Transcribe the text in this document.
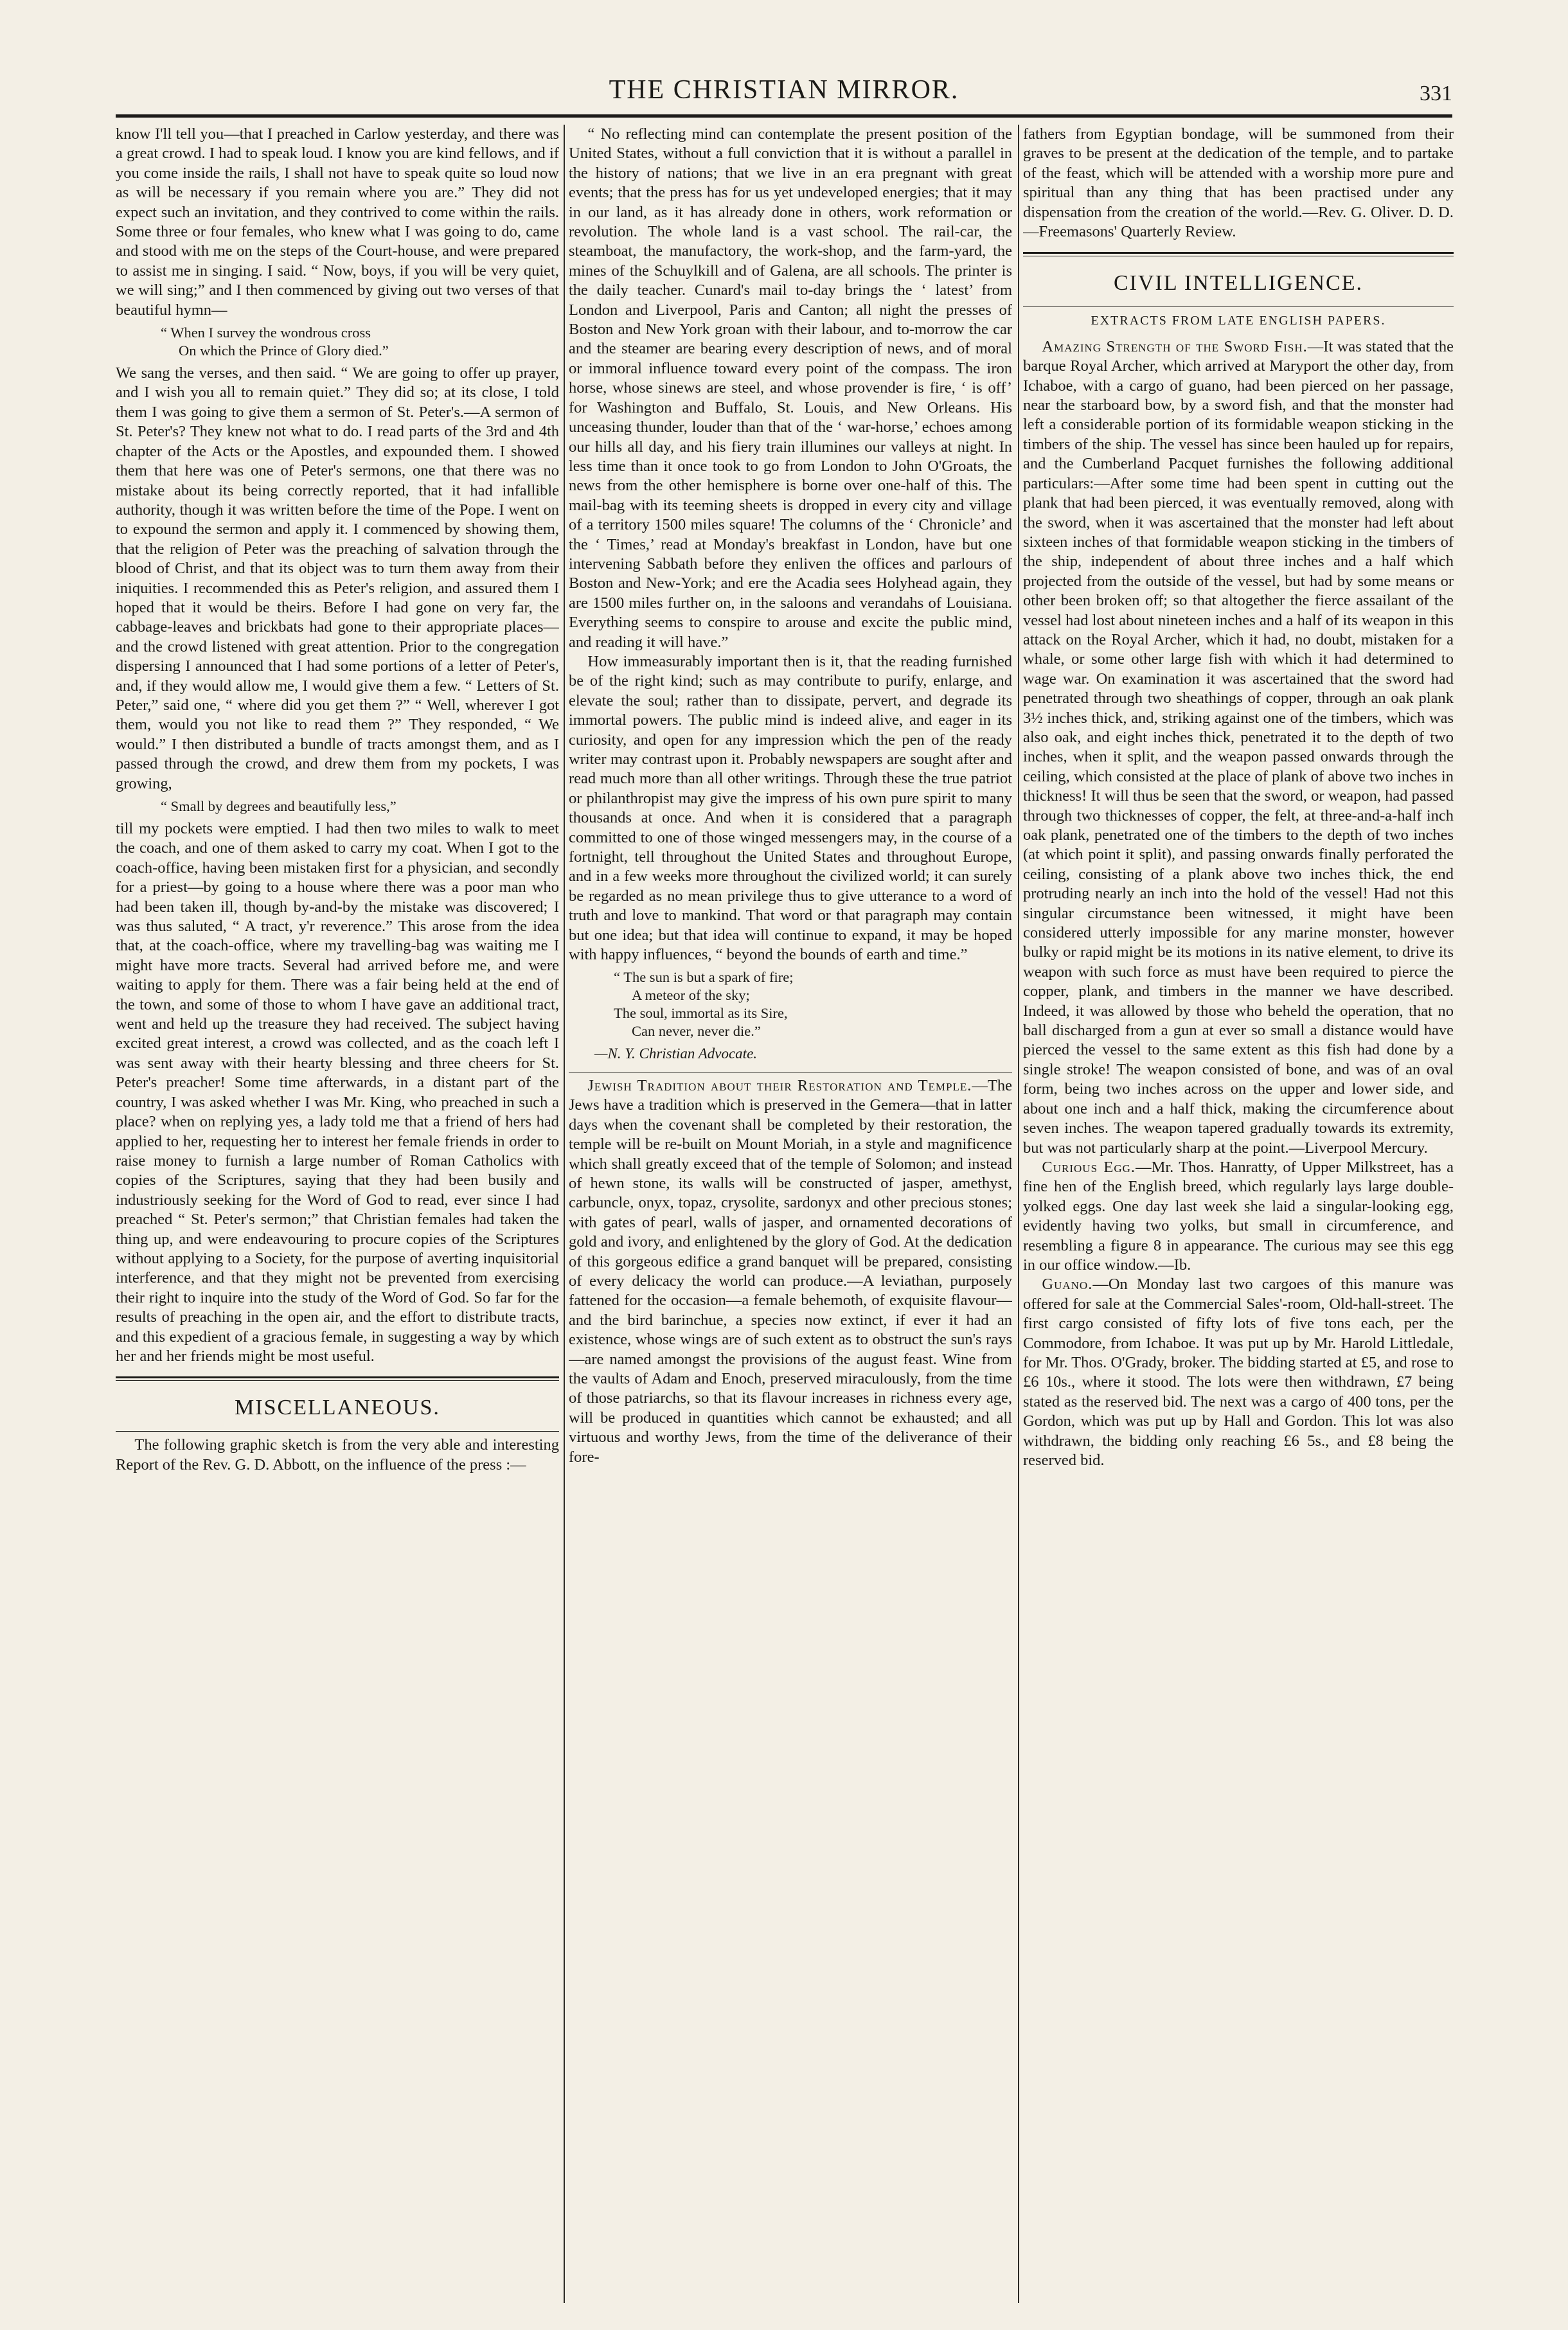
THE CHRISTIAN MIRROR.	331

know I'll tell you—that I preached in Carlow yesterday, and there was a great crowd. I had to speak loud. I know you are kind fellows, and if you come inside the rails, I shall not have to speak quite so loud now as will be necessary if you remain where you are.” They did not expect such an invitation, and they contrived to come within the rails. Some three or four females, who knew what I was going to do, came and stood with me on the steps of the Court-house, and were prepared to assist me in singing. I said. “ Now, boys, if you will be very quiet, we will sing;” and I then commenced by giving out two verses of that beautiful hymn—

“ When I survey the wondrous cross
On which the Prince of Glory died.”

We sang the verses, and then said. “ We are going to offer up prayer, and I wish you all to remain quiet.” They did so; at its close, I told them I was going to give them a sermon of St. Peter's.—A sermon of St. Peter's? They knew not what to do. I read parts of the 3rd and 4th chapter of the Acts or the Apostles, and expounded them. I showed them that here was one of Peter's sermons, one that there was no mistake about its being correctly reported, that it had infallible authority, though it was written before the time of the Pope. I went on to expound the sermon and apply it. I commenced by showing them, that the religion of Peter was the preaching of salvation through the blood of Christ, and that its object was to turn them away from their iniquities. I recommended this as Peter's religion, and assured them I hoped that it would be theirs. Before I had gone on very far, the cabbage-leaves and brickbats had gone to their appropriate places—and the crowd listened with great attention. Prior to the congregation dispersing I announced that I had some portions of a letter of Peter's, and, if they would allow me, I would give them a few. “ Letters of St. Peter,” said one, “ where did you get them ?” “ Well, wherever I got them, would you not like to read them ?” They responded, “ We would.” I then distributed a bundle of tracts amongst them, and as I passed through the crowd, and drew them from my pockets, I was growing,

“ Small by degrees and beautifully less,”

till my pockets were emptied. I had then two miles to walk to meet the coach, and one of them asked to carry my coat. When I got to the coach-office, having been mistaken first for a physician, and secondly for a priest—by going to a house where there was a poor man who had been taken ill, though by-and-by the mistake was discovered; I was thus saluted, “ A tract, y'r reverence.” This arose from the idea that, at the coach-office, where my travelling-bag was waiting me I might have more tracts. Several had arrived before me, and were waiting to apply for them. There was a fair being held at the end of the town, and some of those to whom I have gave an additional tract, went and held up the treasure they had received. The subject having excited great interest, a crowd was collected, and as the coach left I was sent away with their hearty blessing and three cheers for St. Peter's preacher! Some time afterwards, in a distant part of the country, I was asked whether I was Mr. King, who preached in such a place? when on replying yes, a lady told me that a friend of hers had applied to her, requesting her to interest her female friends in order to raise money to furnish a large number of Roman Catholics with copies of the Scriptures, saying that they had been busily and industriously seeking for the Word of God to read, ever since I had preached “ St. Peter's sermon;” that Christian females had taken the thing up, and were endeavouring to procure copies of the Scriptures without applying to a Society, for the purpose of averting inquisitorial interference, and that they might not be prevented from exercising their right to inquire into the study of the Word of God. So far for the results of preaching in the open air, and the effort to distribute tracts, and this expedient of a gracious female, in suggesting a way by which her and her friends might be most useful.

MISCELLANEOUS.

The following graphic sketch is from the very able and interesting Report of the Rev. G. D. Abbott, on the influence of the press :—

“ No reflecting mind can contemplate the present position of the United States, without a full conviction that it is without a parallel in the history of nations; that we live in an era pregnant with great events; that the press has for us yet undeveloped energies; that it may in our land, as it has already done in others, work reformation or revolution. The whole land is a vast school. The rail-car, the steamboat, the manufactory, the work-shop, and the farm-yard, the mines of the Schuylkill and of Galena, are all schools. The printer is the daily teacher. Cunard's mail to-day brings the ‘ latest’ from London and Liverpool, Paris and Canton; all night the presses of Boston and New York groan with their labour, and to-morrow the car and the steamer are bearing every description of news, and of moral or immoral influence toward every point of the compass. The iron horse, whose sinews are steel, and whose provender is fire, ‘ is off’ for Washington and Buffalo, St. Louis, and New Orleans. His unceasing thunder, louder than that of the ‘ war-horse,’ echoes among our hills all day, and his fiery train illumines our valleys at night. In less time than it once took to go from London to John O'Groats, the news from the other hemisphere is borne over one-half of this. The mail-bag with its teeming sheets is dropped in every city and village of a territory 1500 miles square! The columns of the ‘ Chronicle’ and the ‘ Times,’ read at Monday's breakfast in London, have but one intervening Sabbath before they enliven the offices and parlours of Boston and New-York; and ere the Acadia sees Holyhead again, they are 1500 miles further on, in the saloons and verandahs of Louisiana. Everything seems to conspire to arouse and excite the public mind, and reading it will have.”

How immeasurably important then is it, that the reading furnished be of the right kind; such as may contribute to purify, enlarge, and elevate the soul; rather than to dissipate, pervert, and degrade its immortal powers. The public mind is indeed alive, and eager in its curiosity, and open for any impression which the pen of the ready writer may contrast upon it. Probably newspapers are sought after and read much more than all other writings. Through these the true patriot or philanthropist may give the impress of his own pure spirit to many thousands at once. And when it is considered that a paragraph committed to one of those winged messengers may, in the course of a fortnight, tell throughout the United States and throughout Europe, and in a few weeks more throughout the civilized world; it can surely be regarded as no mean privilege thus to give utterance to a word of truth and love to mankind. That word or that paragraph may contain but one idea; but that idea will continue to expand, it may be hoped with happy influences, “ beyond the bounds of earth and time.”

“ The sun is but a spark of fire;
A meteor of the sky;
The soul, immortal as its Sire,
Can never, never die.”
—N. Y. Christian Advocate.

Jewish Tradition about their Restoration and Temple.—The Jews have a tradition which is preserved in the Gemera—that in latter days when the covenant shall be completed by their restoration, the temple will be re-built on Mount Moriah, in a style and magnificence which shall greatly exceed that of the temple of Solomon; and instead of hewn stone, its walls will be constructed of jasper, amethyst, carbuncle, onyx, topaz, crysolite, sardonyx and other precious stones; with gates of pearl, walls of jasper, and ornamented decorations of gold and ivory, and enlightened by the glory of God. At the dedication of this gorgeous edifice a grand banquet will be prepared, consisting of every delicacy the world can produce.—A leviathan, purposely fattened for the occasion—a female behemoth, of exquisite flavour—and the bird barinchue, a species now extinct, if ever it had an existence, whose wings are of such extent as to obstruct the sun's rays—are named amongst the provisions of the august feast. Wine from the vaults of Adam and Enoch, preserved miraculously, from the time of those patriarchs, so that its flavour increases in richness every age, will be produced in quantities which cannot be exhausted; and all virtuous and worthy Jews, from the time of the deliverance of their fore-

fathers from Egyptian bondage, will be summoned from their graves to be present at the dedication of the temple, and to partake of the feast, which will be attended with a worship more pure and spiritual than any thing that has been practised under any dispensation from the creation of the world.—Rev. G. Oliver. D. D.—Freemasons' Quarterly Review.

CIVIL INTELLIGENCE.
EXTRACTS FROM LATE ENGLISH PAPERS.

Amazing Strength of the Sword Fish.—It was stated that the barque Royal Archer, which arrived at Maryport the other day, from Ichaboe, with a cargo of guano, had been pierced on her passage, near the starboard bow, by a sword fish, and that the monster had left a considerable portion of its formidable weapon sticking in the timbers of the ship. The vessel has since been hauled up for repairs, and the Cumberland Pacquet furnishes the following additional particulars:—After some time had been spent in cutting out the plank that had been pierced, it was eventually removed, along with the sword, when it was ascertained that the monster had left about sixteen inches of that formidable weapon sticking in the timbers of the ship, independent of about three inches and a half which projected from the outside of the vessel, but had by some means or other been broken off; so that altogether the fierce assailant of the vessel had lost about nineteen inches and a half of its weapon in this attack on the Royal Archer, which it had, no doubt, mistaken for a whale, or some other large fish with which it had determined to wage war. On examination it was ascertained that the sword had penetrated through two sheathings of copper, through an oak plank 3½ inches thick, and, striking against one of the timbers, which was also oak, and eight inches thick, penetrated it to the depth of two inches, when it split, and the weapon passed onwards through the ceiling, which consisted at the place of plank of above two inches in thickness! It will thus be seen that the sword, or weapon, had passed through two thicknesses of copper, the felt, at three-and-a-half inch oak plank, penetrated one of the timbers to the depth of two inches (at which point it split), and passing onwards finally perforated the ceiling, consisting of a plank above two inches thick, the end protruding nearly an inch into the hold of the vessel! Had not this singular circumstance been witnessed, it might have been considered utterly impossible for any marine monster, however bulky or rapid might be its motions in its native element, to drive its weapon with such force as must have been required to pierce the copper, plank, and timbers in the manner we have described. Indeed, it was allowed by those who beheld the operation, that no ball discharged from a gun at ever so small a distance would have pierced the vessel to the same extent as this fish had done by a single stroke! The weapon consisted of bone, and was of an oval form, being two inches across on the upper and lower side, and about one inch and a half thick, making the circumference about seven inches. The weapon tapered gradually towards its extremity, but was not particularly sharp at the point.—Liverpool Mercury.

Curious Egg.—Mr. Thos. Hanratty, of Upper Milkstreet, has a fine hen of the English breed, which regularly lays large double-yolked eggs. One day last week she laid a singular-looking egg, evidently having two yolks, but small in circumference, and resembling a figure 8 in appearance. The curious may see this egg in our office window.—Ib.

Guano.—On Monday last two cargoes of this manure was offered for sale at the Commercial Sales'-room, Old-hall-street. The first cargo consisted of fifty lots of five tons each, per the Commodore, from Ichaboe. It was put up by Mr. Harold Littledale, for Mr. Thos. O'Grady, broker. The bidding started at £5, and rose to £6 10s., where it stood. The lots were then withdrawn, £7 being stated as the reserved bid. The next was a cargo of 400 tons, per the Gordon, which was put up by Hall and Gordon. This lot was also withdrawn, the bidding only reaching £6 5s., and £8 being the reserved bid.
